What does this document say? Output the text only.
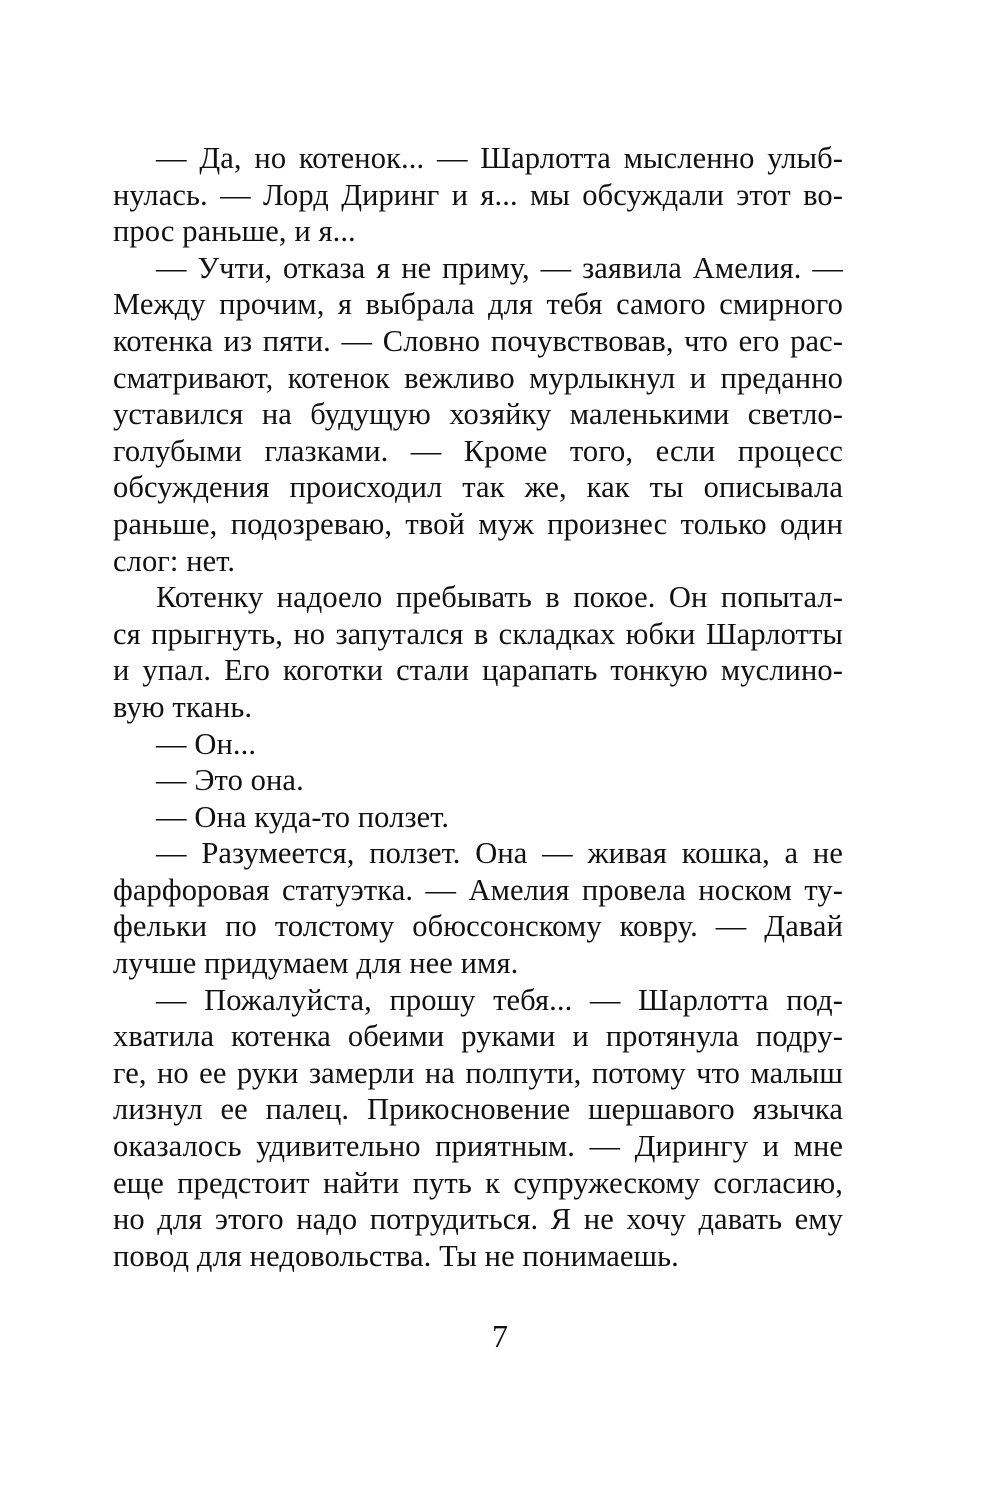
— Да, но котенок... — Шарлотта мысленно улыб-
нулась. — Лорд Диринг и я... мы обсуждали этот во-
прос раньше, и я...
— Учти, отказа я не приму, — заявила Амелия. —
Между прочим, я выбрала для тебя самого смирного
котенка из пяти. — Словно почувствовав, что его рас-
сматривают, котенок вежливо мурлыкнул и преданно
уставился на будущую хозяйку маленькими светло-
голубыми глазками. — Кроме того, если процесс
обсуждения происходил так же, как ты описывала
раньше, подозреваю, твой муж произнес только один
слог: нет.
Котенку надоело пребывать в покое. Он попытал-
ся прыгнуть, но запутался в складках юбки Шарлотты
и упал. Его коготки стали царапать тонкую муслино-
вую ткань.
— Он...
— Это она.
— Она куда-то ползет.
— Разумеется, ползет. Она — живая кошка, а не
фарфоровая статуэтка. — Амелия провела носком ту-
фельки по толстому обюссонскому ковру. — Давай
лучше придумаем для нее имя.
— Пожалуйста, прошу тебя... — Шарлотта под-
хватила котенка обеими руками и протянула подру-
ге, но ее руки замерли на полпути, потому что малыш
лизнул ее палец. Прикосновение шершавого язычка
оказалось удивительно приятным. — Дирингу и мне
еще предстоит найти путь к супружескому согласию,
но для этого надо потрудиться. Я не хочу давать ему
повод для недовольства. Ты не понимаешь.
7
